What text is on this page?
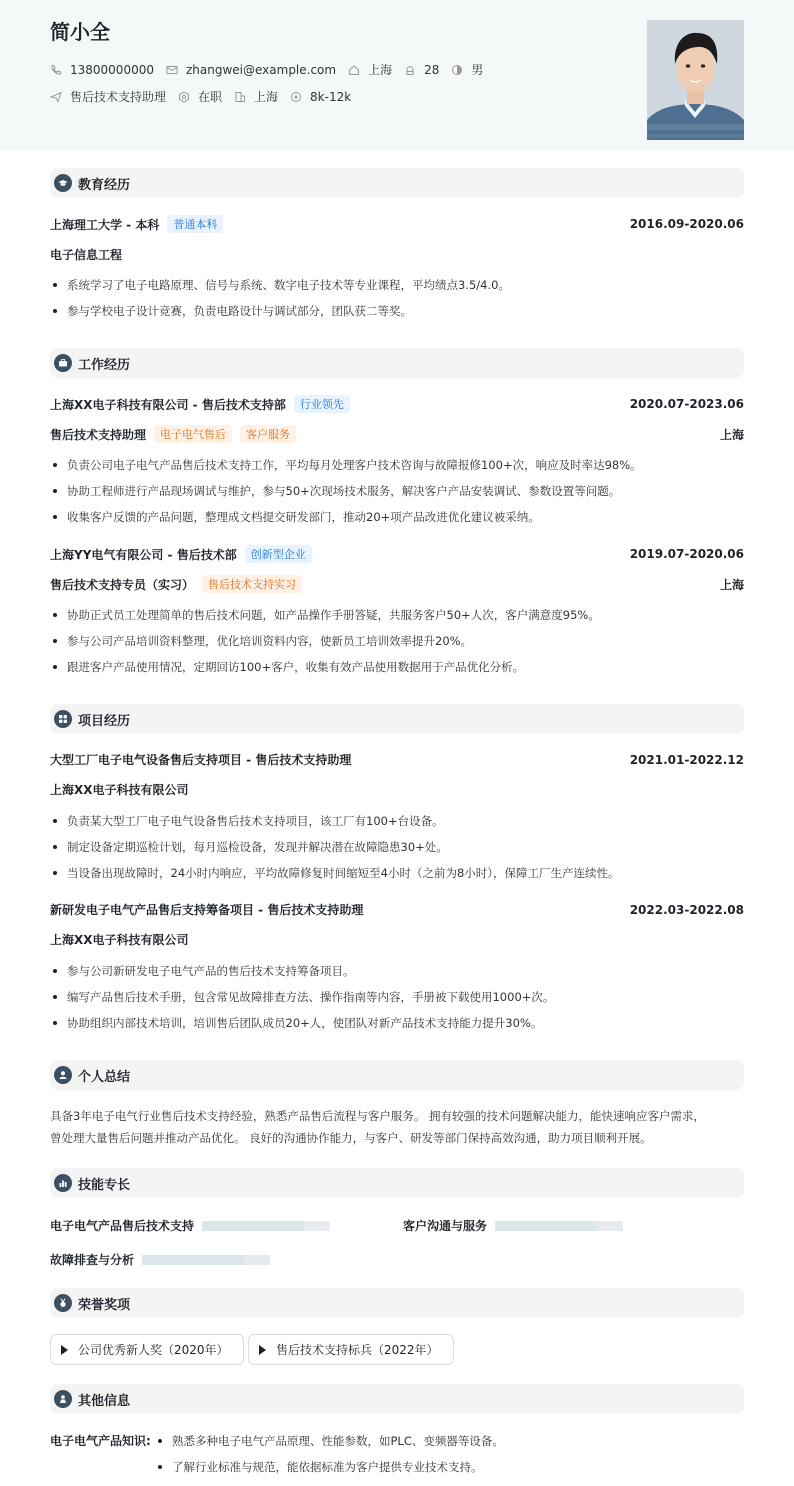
简小全
13800000000	zhangwei@example.com	上海	28	男
售后技术支持助理	在职	上海	8k-12k
教育经历
上海理工大学 - 本科	普通本科	2016.09-2020.06
电子信息工程
系统学习了电子电路原理、信号与系统、数字电子技术等专业课程，平均绩点3.5/4.0。
参与学校电子设计竞赛，负责电路设计与调试部分，团队获二等奖。
工作经历
上海XX电子科技有限公司 - 售后技术支持部	行业领先	2020.07-2023.06
售后技术支持助理	电子电气售后	客户服务	上海
负责公司电子电气产品售后技术支持工作，平均每月处理客户技术咨询与故障报修100+次，响应及时率达98%。
协助工程师进行产品现场调试与维护，参与50+次现场技术服务，解决客户产品安装调试、参数设置等问题。
收集客户反馈的产品问题，整理成文档提交研发部门，推动20+项产品改进优化建议被采纳。
上海YY电气有限公司 - 售后技术部	创新型企业	2019.07-2020.06
售后技术支持专员（实习）	售后技术支持实习	上海
协助正式员工处理简单的售后技术问题，如产品操作手册答疑，共服务客户50+人次，客户满意度95%。
参与公司产品培训资料整理，优化培训资料内容，使新员工培训效率提升20%。
跟进客户产品使用情况，定期回访100+客户，收集有效产品使用数据用于产品优化分析。
项目经历
大型工厂电子电气设备售后支持项目 - 售后技术支持助理	2021.01-2022.12
上海XX电子科技有限公司
负责某大型工厂电子电气设备售后技术支持项目，该工厂有100+台设备。
制定设备定期巡检计划，每月巡检设备，发现并解决潜在故障隐患30+处。
当设备出现故障时，24小时内响应，平均故障修复时间缩短至4小时（之前为8小时），保障工厂生产连续性。
新研发电子电气产品售后支持筹备项目 - 售后技术支持助理	2022.03-2022.08
上海XX电子科技有限公司
参与公司新研发电子电气产品的售后技术支持筹备项目。
编写产品售后技术手册，包含常见故障排查方法、操作指南等内容，手册被下载使用1000+次。
协助组织内部技术培训，培训售后团队成员20+人，使团队对新产品技术支持能力提升30%。
个人总结
具备3年电子电气行业售后技术支持经验，熟悉产品售后流程与客户服务。 拥有较强的技术问题解决能力，能快速响应客户需求，
曾处理大量售后问题并推动产品优化。 良好的沟通协作能力，与客户、研发等部门保持高效沟通，助力项目顺利开展。
技能专长
电子电气产品售后技术支持	客户沟通与服务
故障排查与分析
荣誉奖项
公司优秀新人奖（2020年）	售后技术支持标兵（2022年）
其他信息
电子电气产品知识: 熟悉多种电子电气产品原理、性能参数，如PLC、变频器等设备。
了解行业标准与规范，能依据标准为客户提供专业技术支持。
